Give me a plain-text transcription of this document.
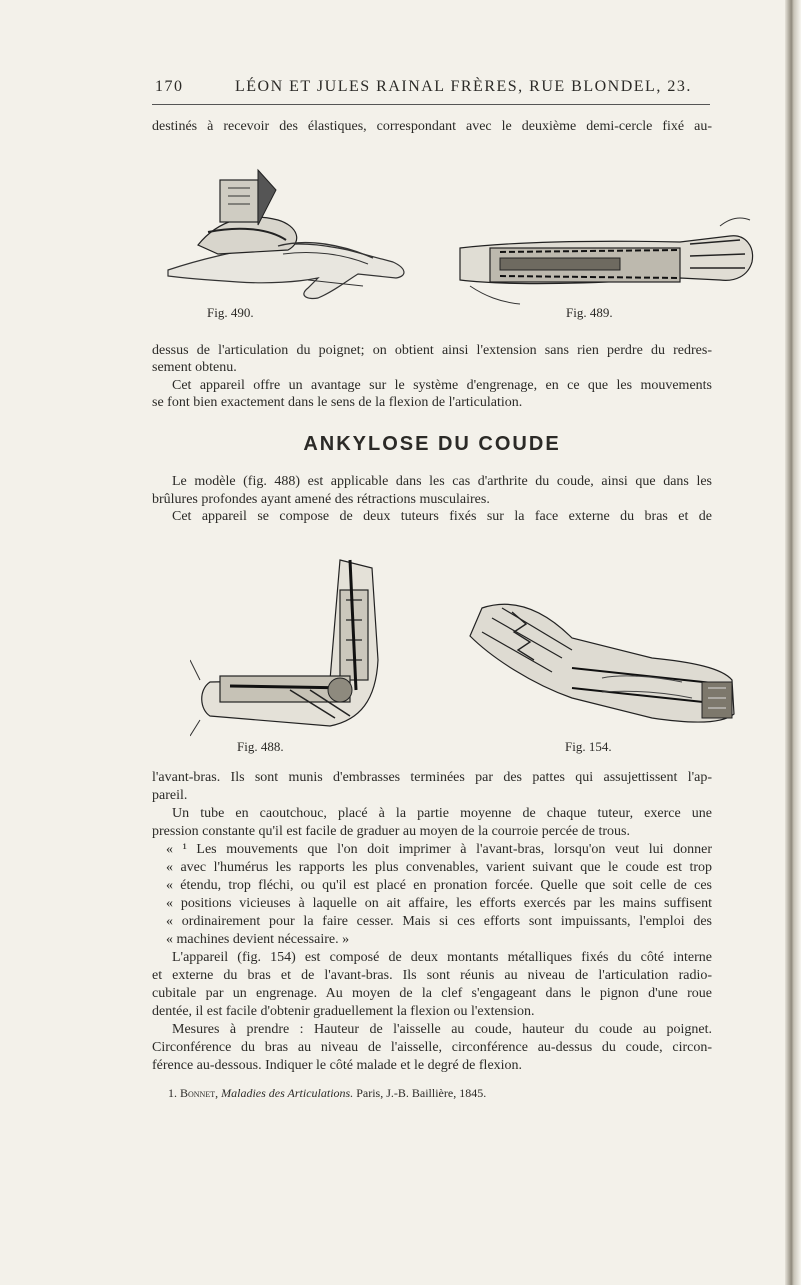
170	LÉON ET JULES RAINAL FRÈRES, RUE BLONDEL, 23.
destinés à recevoir des élastiques, correspondant avec le deuxième demi-cercle fixé au-
Fig. 490.	Fig. 489.
dessus de l'articulation du poignet; on obtient ainsi l'extension sans rien perdre du redres-
sement obtenu.
Cet appareil offre un avantage sur le système d'engrenage, en ce que les mouvements
se font bien exactement dans le sens de la flexion de l'articulation.
ANKYLOSE DU COUDE
Le modèle (fig. 488) est applicable dans les cas d'arthrite du coude, ainsi que dans les
brûlures profondes ayant amené des rétractions musculaires.
Cet appareil se compose de deux tuteurs fixés sur la face externe du bras et de
Fig. 488.	Fig. 154.
l'avant-bras. Ils sont munis d'embrasses terminées par des pattes qui assujettissent l'ap-
pareil.
Un tube en caoutchouc, placé à la partie moyenne de chaque tuteur, exerce une
pression constante qu'il est facile de graduer au moyen de la courroie percée de trous.
« ¹ Les mouvements que l'on doit imprimer à l'avant-bras, lorsqu'on veut lui donner
« avec l'humérus les rapports les plus convenables, varient suivant que le coude est trop
« étendu, trop fléchi, ou qu'il est placé en pronation forcée. Quelle que soit celle de ces
« positions vicieuses à laquelle on ait affaire, les efforts exercés par les mains suffisent
« ordinairement pour la faire cesser. Mais si ces efforts sont impuissants, l'emploi des
« machines devient nécessaire. »
L'appareil (fig. 154) est composé de deux montants métalliques fixés du côté interne
et externe du bras et de l'avant-bras. Ils sont réunis au niveau de l'articulation radio-
cubitale par un engrenage. Au moyen de la clef s'engageant dans le pignon d'une roue
dentée, il est facile d'obtenir graduellement la flexion ou l'extension.
Mesures à prendre : Hauteur de l'aisselle au coude, hauteur du coude au poignet.
Circonférence du bras au niveau de l'aisselle, circonférence au-dessus du coude, circon-
férence au-dessous. Indiquer le côté malade et le degré de flexion.
1. Bonnet, Maladies des Articulations. Paris, J.-B. Baillière, 1845.
